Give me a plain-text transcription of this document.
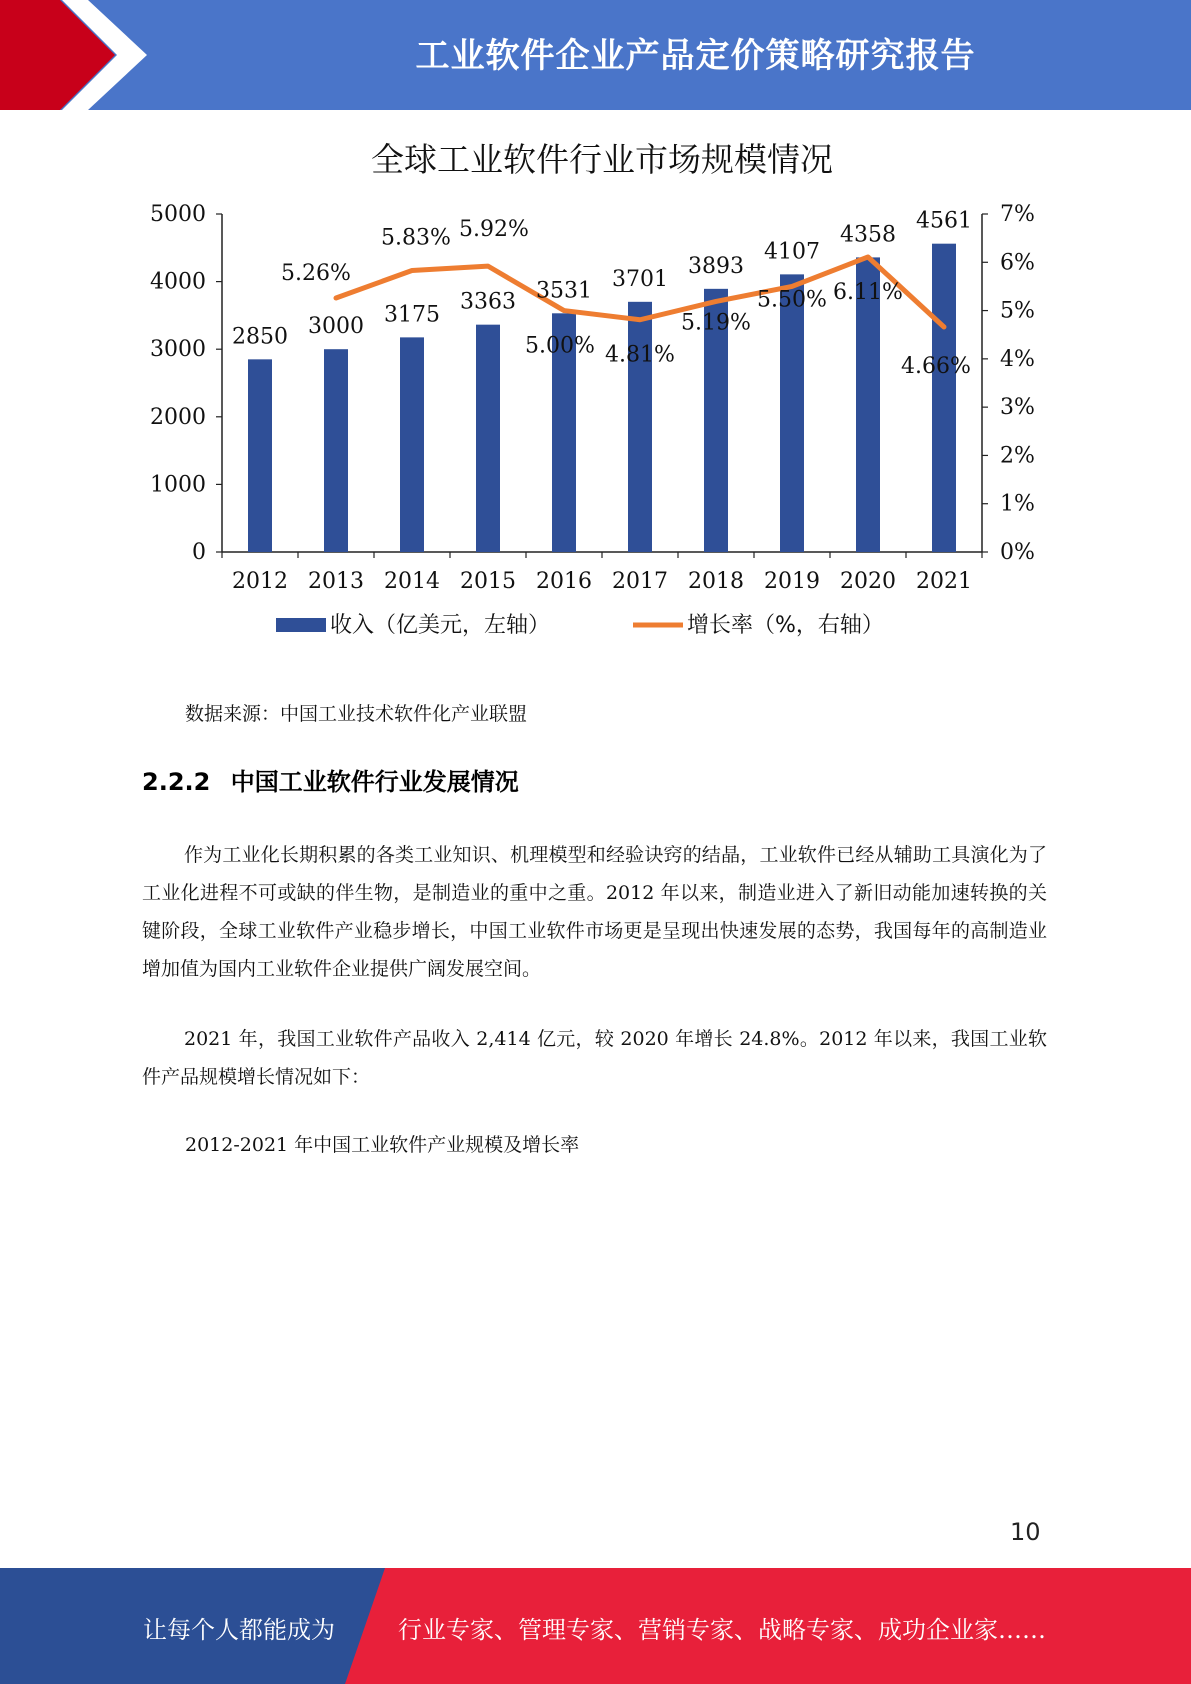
工业软件企业产品定价策略研究报告
全球工业软件行业市场规模情况
0
1000
2000
3000
4000
5000
0%
1%
2%
3%
4%
5%
6%
7%
2012 2013 2014 2015 2016 2017 2018 2019 2020 2021
2850 3000 3175
3363 3531 3701
3893
4107
4358
4561
5.26%
5.83% 5.92%
5.00% 4.81%
5.19%
5.50% 6.11%
4.66%
收入（亿美元，左轴）	增长率（%，右轴）
数据来源：中国工业技术软件化产业联盟
2.2.2 中国工业软件行业发展情况
作为工业化长期积累的各类工业知识、机理模型和经验诀窍的结晶，工业软件已经从辅助工具演化为了工业化进程不可或缺的伴生物，是制造业的重中之重。2012 年以来，制造业进入了新旧动能加速转换的关键阶段，全球工业软件产业稳步增长，中国工业软件市场更是呈现出快速发展的态势，我国每年的高制造业增加值为国内工业软件企业提供广阔发展空间。
2021 年，我国工业软件产品收入 2,414 亿元，较 2020 年增长 24.8%。2012 年以来，我国工业软件产品规模增长情况如下：
2012-2021 年中国工业软件产业规模及增长率
10
让每个人都能成为	行业专家、管理专家、营销专家、战略专家、成功企业家……
